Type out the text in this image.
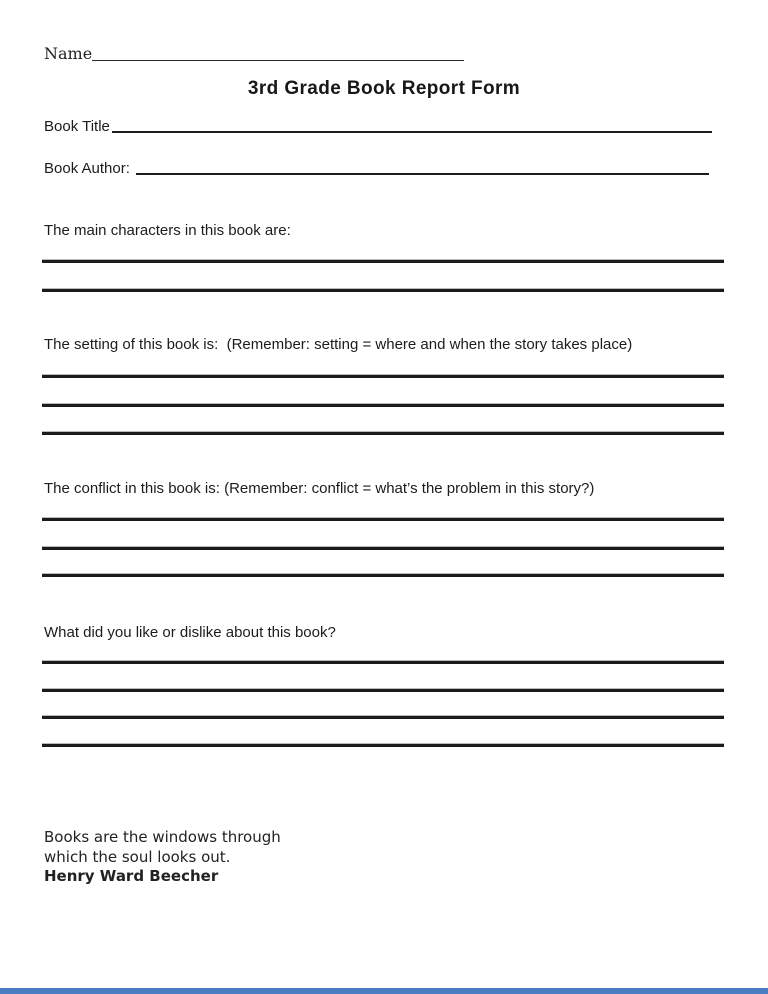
Name
3rd Grade Book Report Form
Book Title
Book Author:
The main characters in this book are:
The setting of this book is:  (Remember: setting = where and when the story takes place)
The conflict in this book is: (Remember: conflict = what’s the problem in this story?)
What did you like or dislike about this book?
Books are the windows through
which the soul looks out.
Henry Ward Beecher
